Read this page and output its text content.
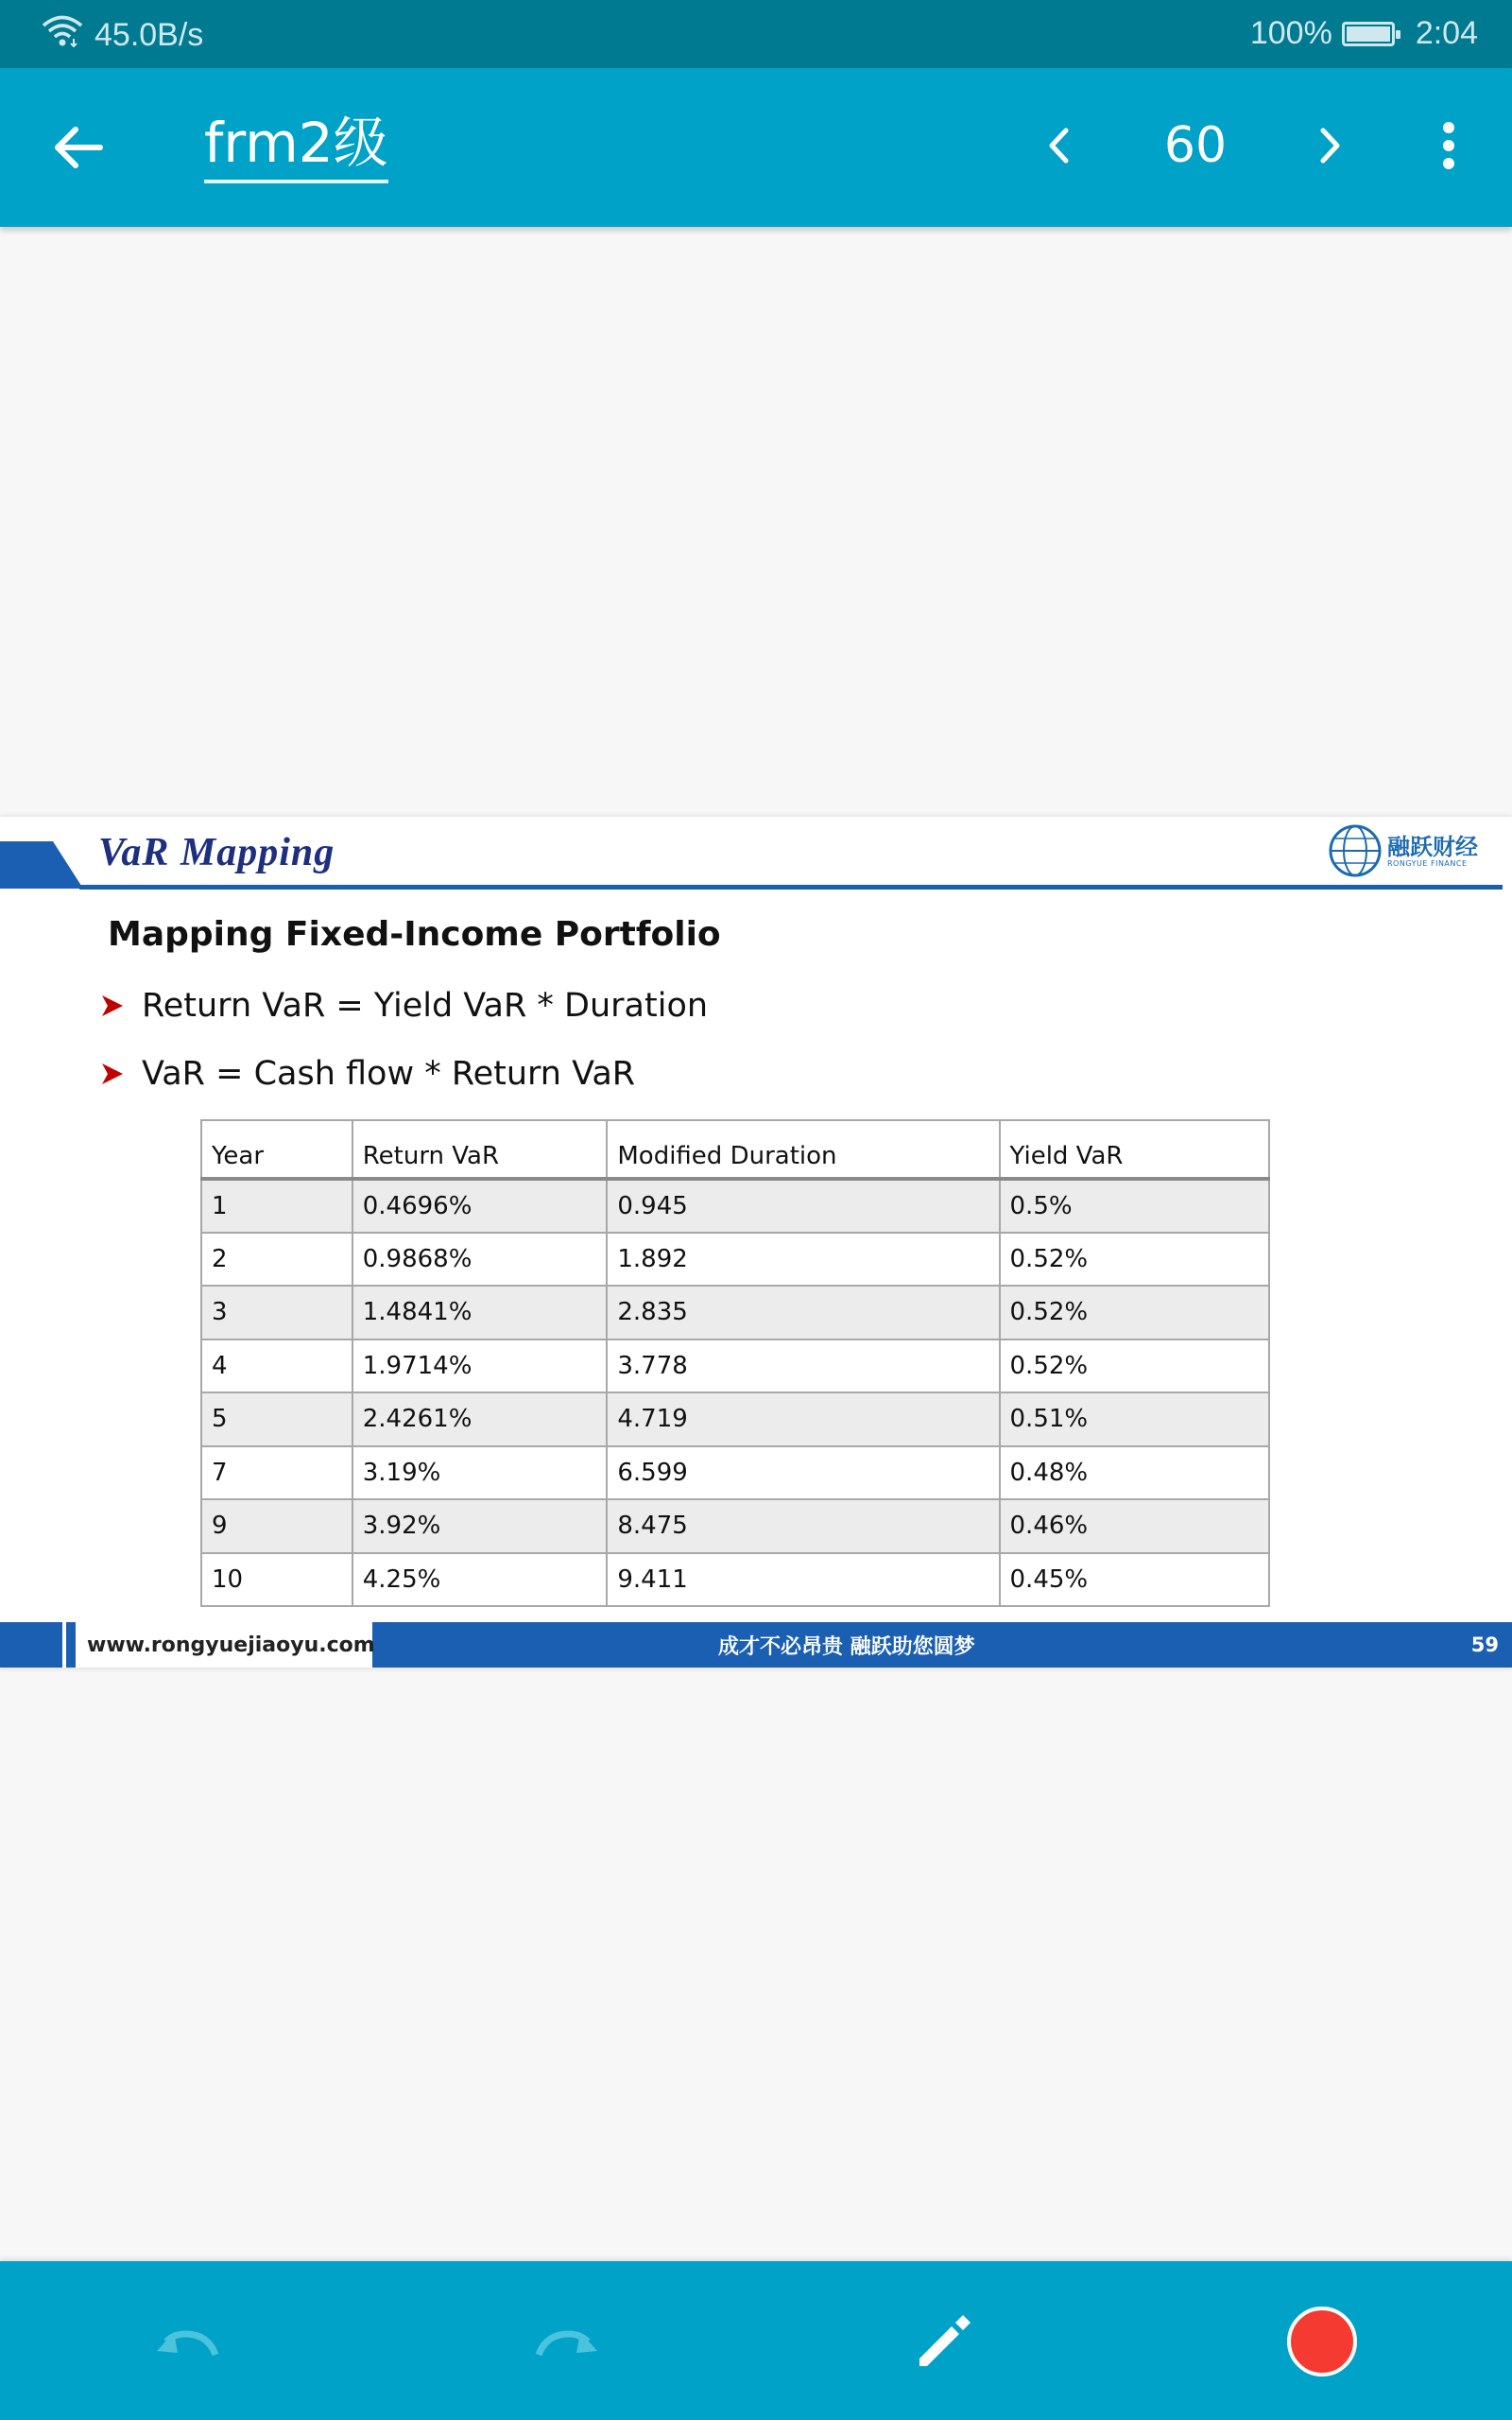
45.0B/s	100%	2:04
frm2级	60
VaR Mapping	融跃财经
RONGYUE FINANCE
Mapping Fixed-Income Portfolio
Return VaR = Yield VaR * Duration
VaR = Cash flow * Return VaR
Year	Return VaR	Modified Duration	Yield VaR
1	0.4696%	0.945	0.5%
2	0.9868%	1.892	0.52%
3	1.4841%	2.835	0.52%
4	1.9714%	3.778	0.52%
5	2.4261%	4.719	0.51%
7	3.19%	6.599	0.48%
9	3.92%	8.475	0.46%
10	4.25%	9.411	0.45%
www.rongyuejiaoyu.com	成才不必昂贵 融跃助您圆梦	59
